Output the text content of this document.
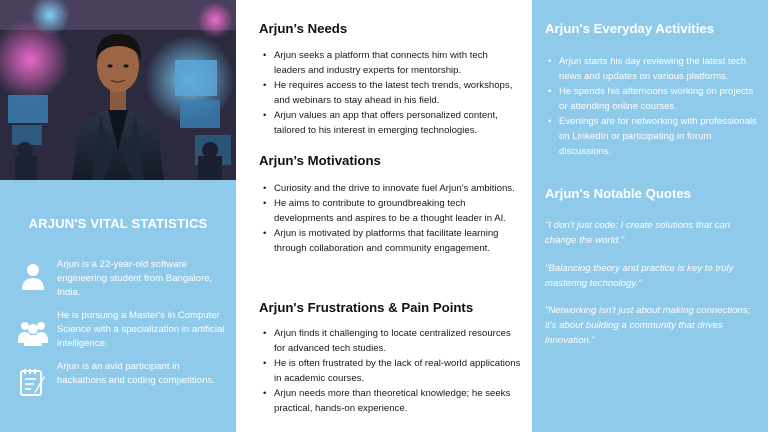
ARJUN'S VITAL STATISTICS
Arjun is a 22-year-old software engineering student from Bangalore, India.
He is pursuing a Master's in Computer Science with a specialization in artificial intelligence.
Arjun is an avid participant in hackathons and coding competitions.
Arjun’s Needs
• Arjun seeks a platform that connects him with tech leaders and industry experts for mentorship.
• He requires access to the latest tech trends, workshops, and webinars to stay ahead in his field.
• Arjun values an app that offers personalized content, tailored to his interest in emerging technologies.
Arjun’s Motivations
• Curiosity and the drive to innovate fuel Arjun's ambitions.
• He aims to contribute to groundbreaking tech developments and aspires to be a thought leader in AI.
• Arjun is motivated by platforms that facilitate learning through collaboration and community engagement.
Arjun's Frustrations & Pain Points
• Arjun finds it challenging to locate centralized resources for advanced tech studies.
• He is often frustrated by the lack of real-world applications in academic courses.
• Arjun needs more than theoretical knowledge; he seeks practical, hands-on experience.
Arjun's Everyday Activities
• Arjun starts his day reviewing the latest tech news and updates on various platforms.
• He spends his afternoons working on projects or attending online courses.
• Evenings are for networking with professionals on LinkedIn or participating in forum discussions.
Arjun's Notable Quotes
"I don't just code; I create solutions that can change the world."
"Balancing theory and practice is key to truly mastering technology."
"Networking isn't just about making connections; it's about building a community that drives innovation."
